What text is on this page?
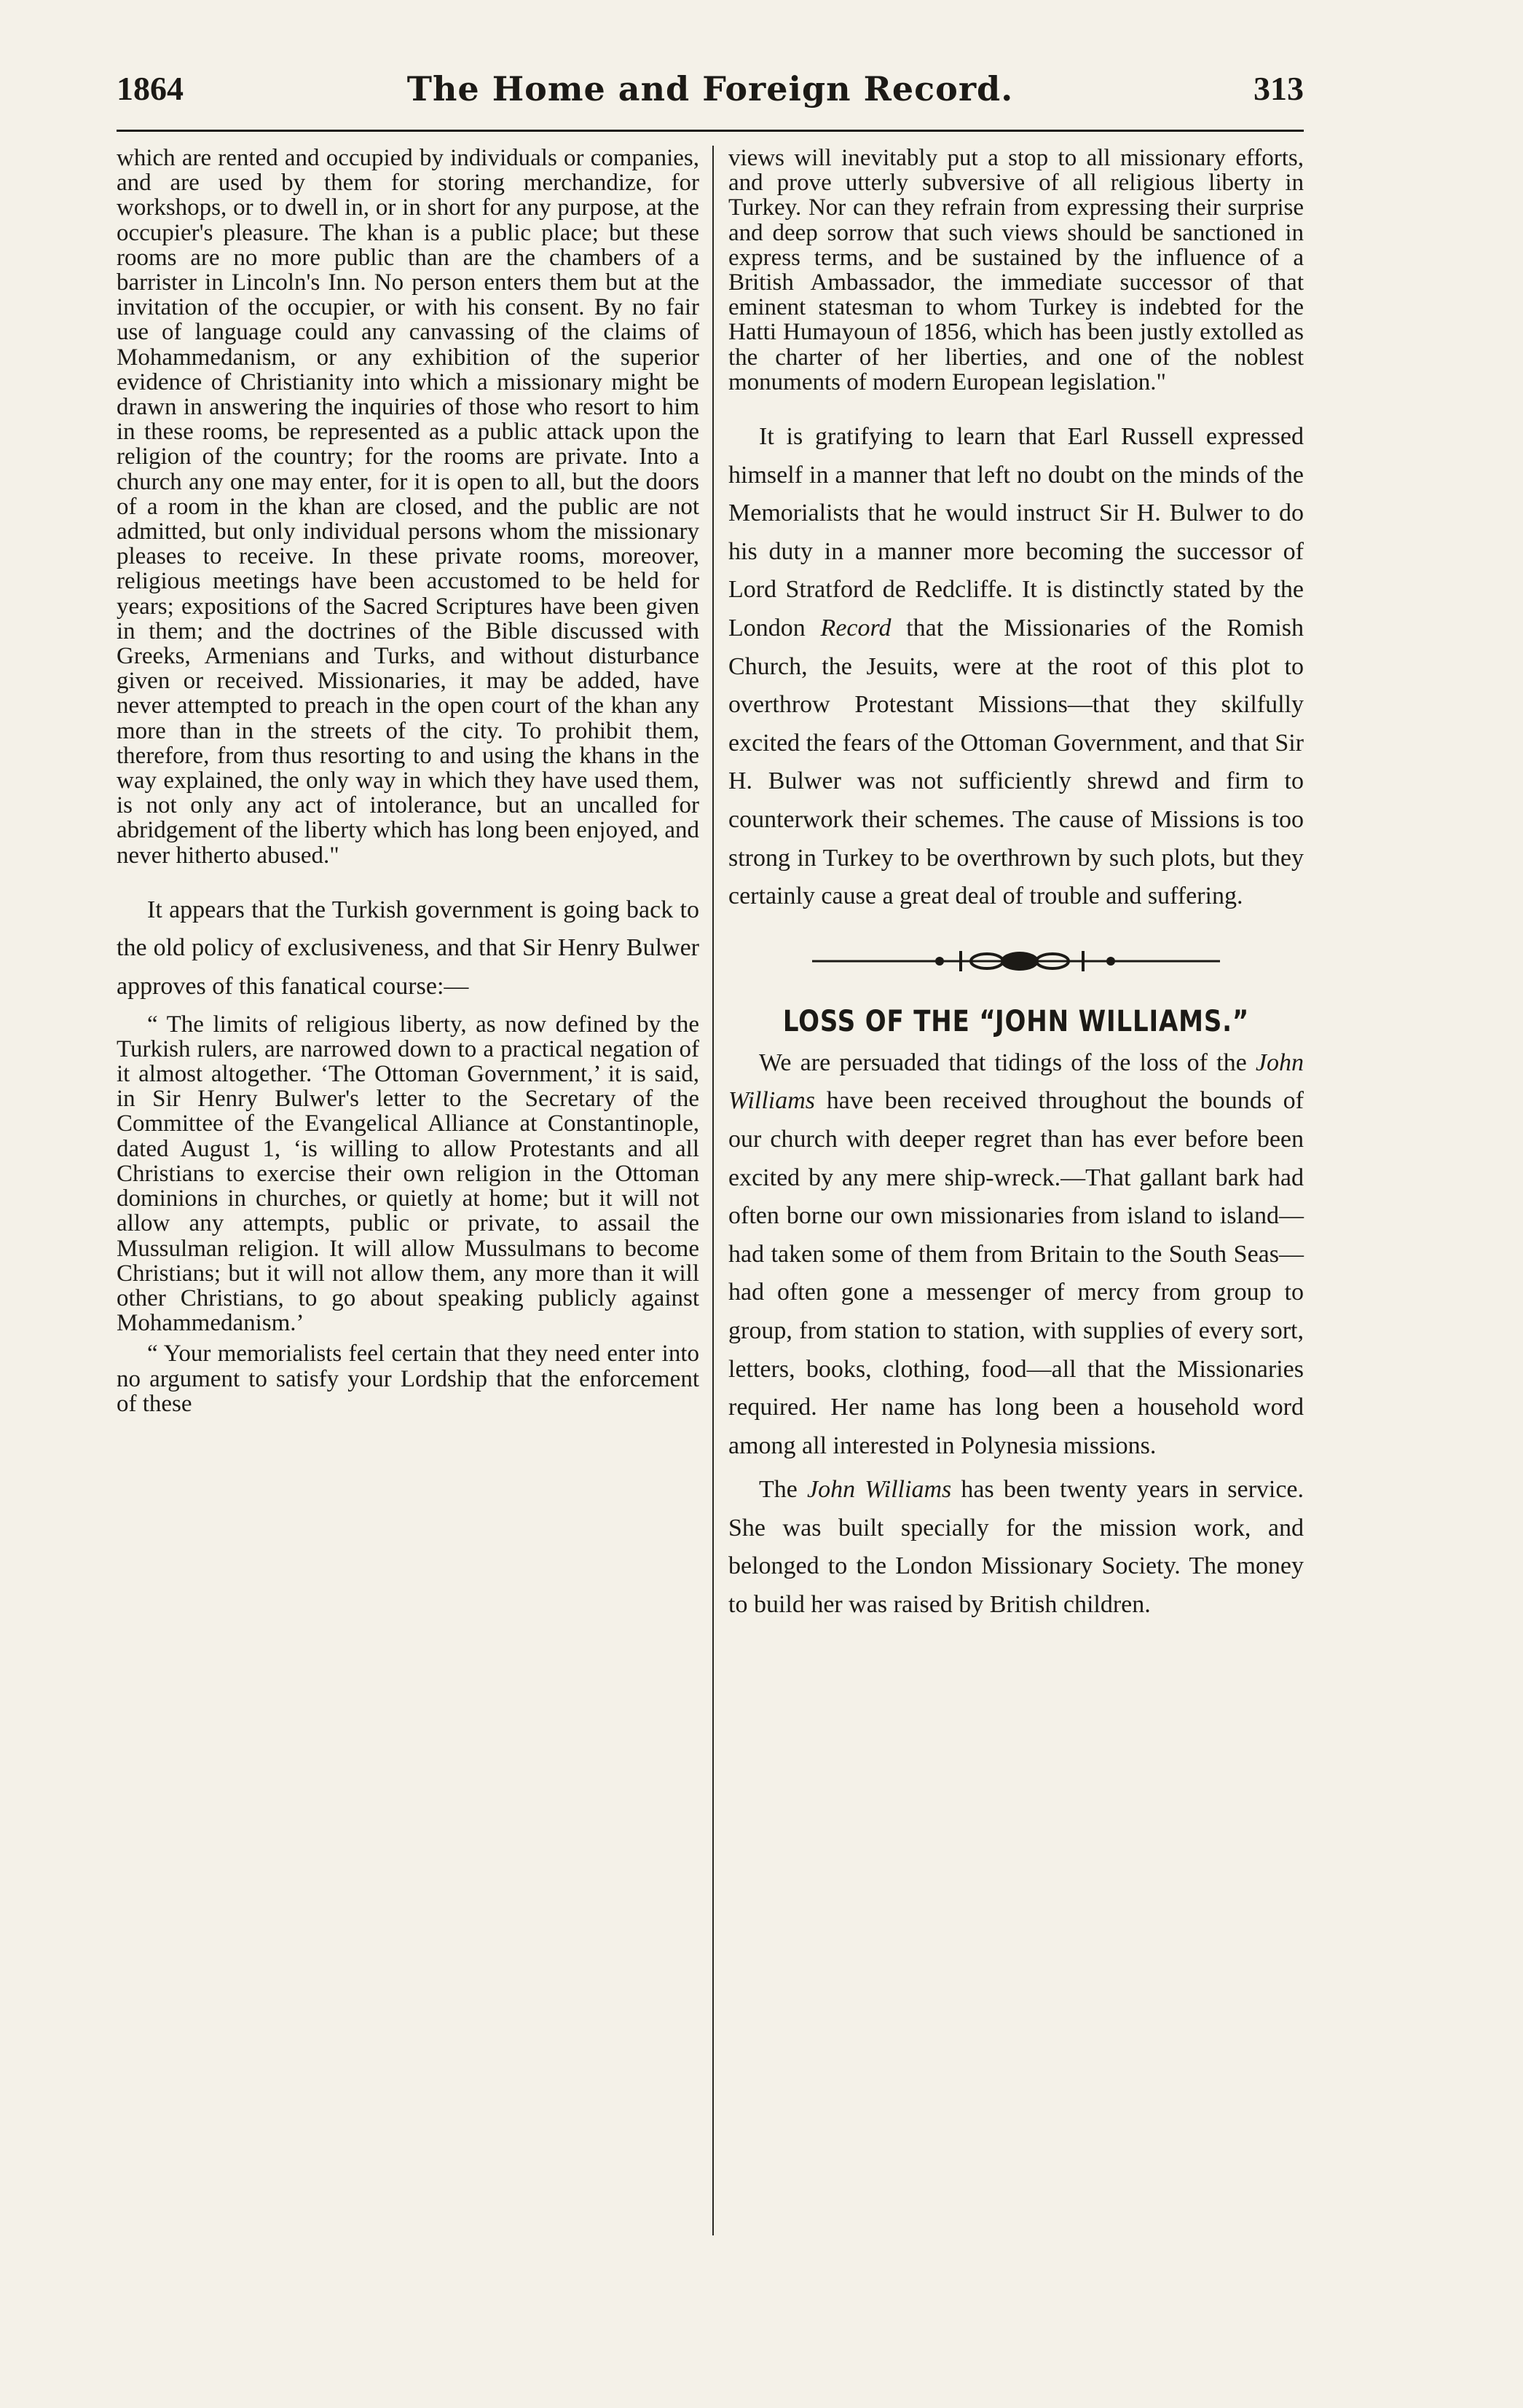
1864	The Home and Foreign Record.	313

which are rented and occupied by individuals or companies, and are used by them for storing merchandize, for workshops, or to dwell in, or in short for any purpose, at the occupier's pleasure. The khan is a public place; but these rooms are no more public than are the chambers of a barrister in Lincoln's Inn. No person enters them but at the invitation of the occupier, or with his consent. By no fair use of language could any canvassing of the claims of Mohammedanism, or any exhibition of the superior evidence of Christianity into which a missionary might be drawn in answering the inquiries of those who resort to him in these rooms, be represented as a public attack upon the religion of the country; for the rooms are private. Into a church any one may enter, for it is open to all, but the doors of a room in the khan are closed, and the public are not admitted, but only individual persons whom the missionary pleases to receive. In these private rooms, moreover, religious meetings have been accustomed to be held for years; expositions of the Sacred Scriptures have been given in them; and the doctrines of the Bible discussed with Greeks, Armenians and Turks, and without disturbance given or received. Missionaries, it may be added, have never attempted to preach in the open court of the khan any more than in the streets of the city. To prohibit them, therefore, from thus resorting to and using the khans in the way explained, the only way in which they have used them, is not only any act of intolerance, but an uncalled for abridgement of the liberty which has long been enjoyed, and never hitherto abused."

It appears that the Turkish government is going back to the old policy of exclusiveness, and that Sir Henry Bulwer approves of this fanatical course:—

“ The limits of religious liberty, as now defined by the Turkish rulers, are narrowed down to a practical negation of it almost altogether. ‘The Ottoman Government,’ it is said, in Sir Henry Bulwer's letter to the Secretary of the Committee of the Evangelical Alliance at Constantinople, dated August 1, ‘is willing to allow Protestants and all Christians to exercise their own religion in the Ottoman dominions in churches, or quietly at home; but it will not allow any attempts, public or private, to assail the Mussulman religion. It will allow Mussulmans to become Christians; but it will not allow them, any more than it will other Christians, to go about speaking publicly against Mohammedanism.’

“ Your memorialists feel certain that they need enter into no argument to satisfy your Lordship that the enforcement of these

views will inevitably put a stop to all missionary efforts, and prove utterly subversive of all religious liberty in Turkey. Nor can they refrain from expressing their surprise and deep sorrow that such views should be sanctioned in express terms, and be sustained by the influence of a British Ambassador, the immediate successor of that eminent statesman to whom Turkey is indebted for the Hatti Humayoun of 1856, which has been justly extolled as the charter of her liberties, and one of the noblest monuments of modern European legislation."

It is gratifying to learn that Earl Russell expressed himself in a manner that left no doubt on the minds of the Memorialists that he would instruct Sir H. Bulwer to do his duty in a manner more becoming the successor of Lord Stratford de Redcliffe. It is distinctly stated by the London Record that the Missionaries of the Romish Church, the Jesuits, were at the root of this plot to overthrow Protestant Missions—that they skilfully excited the fears of the Ottoman Government, and that Sir H. Bulwer was not sufficiently shrewd and firm to counterwork their schemes. The cause of Missions is too strong in Turkey to be overthrown by such plots, but they certainly cause a great deal of trouble and suffering.

LOSS OF THE “JOHN WILLIAMS.”

We are persuaded that tidings of the loss of the John Williams have been received throughout the bounds of our church with deeper regret than has ever before been excited by any mere ship-wreck.—That gallant bark had often borne our own missionaries from island to island—had taken some of them from Britain to the South Seas—had often gone a messenger of mercy from group to group, from station to station, with supplies of every sort, letters, books, clothing, food—all that the Missionaries required. Her name has long been a household word among all interested in Polynesia missions.

The John Williams has been twenty years in service. She was built specially for the mission work, and belonged to the London Missionary Society. The money to build her was raised by British children.
